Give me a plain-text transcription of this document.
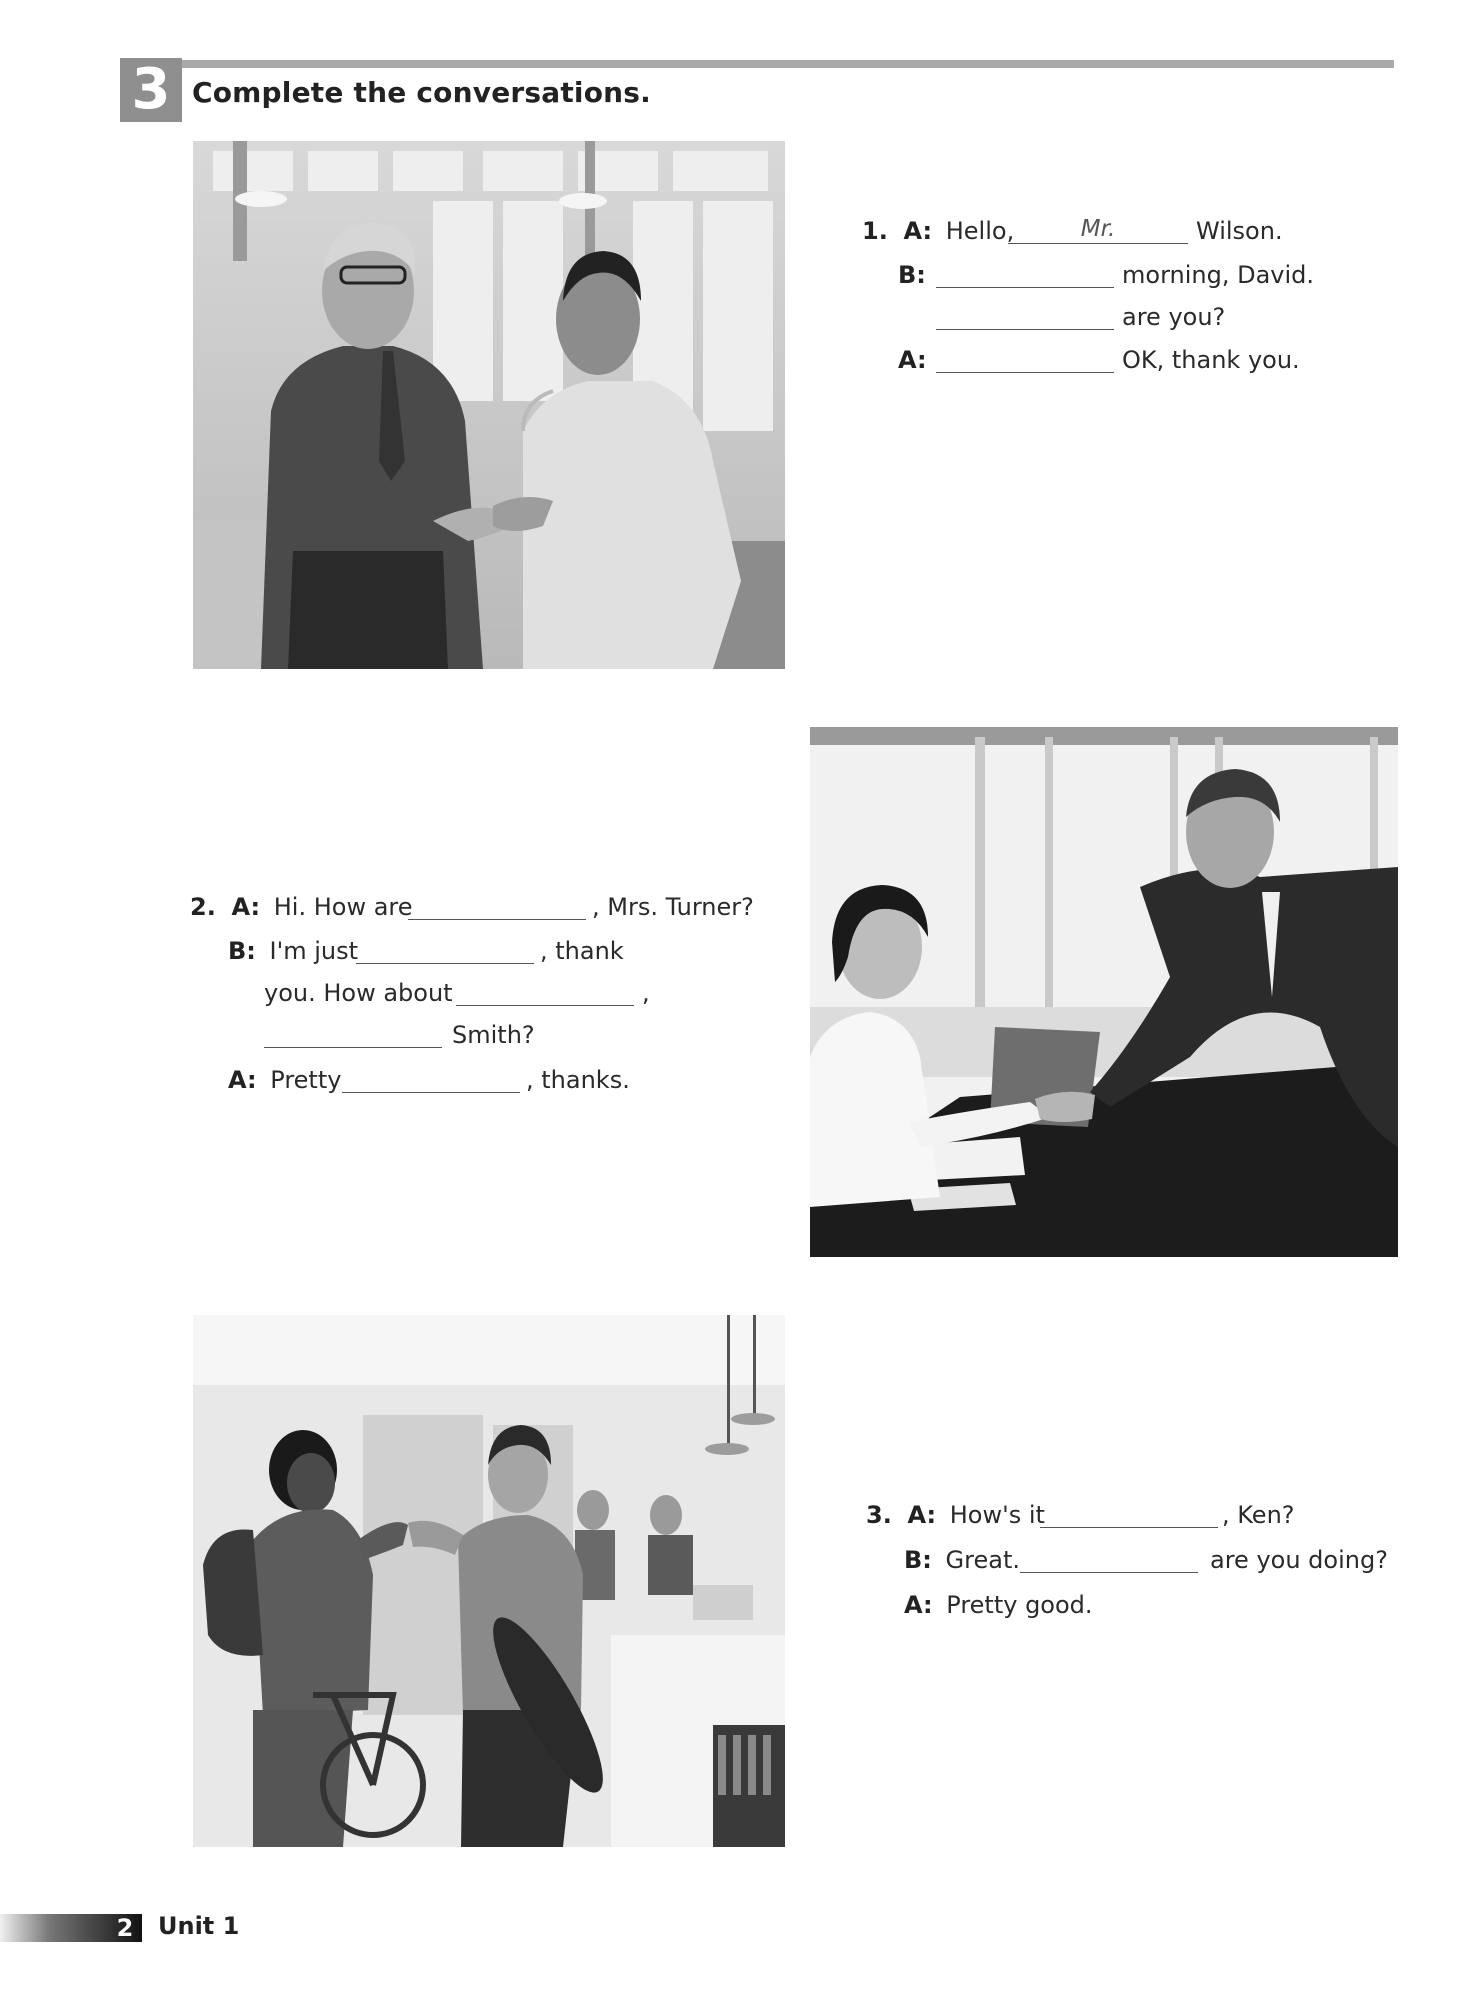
3 Complete the conversations.
1. A: Hello,	Mr.	Wilson.
B:	morning, David.
are you?
A:	OK, thank you.
2. A: Hi. How are	, Mrs. Turner?
B: I'm just	, thank
you. How about	,
Smith?
A: Pretty	, thanks.
3. A: How's it	, Ken?
B: Great.	are you doing?
A: Pretty good.
2 Unit 1
